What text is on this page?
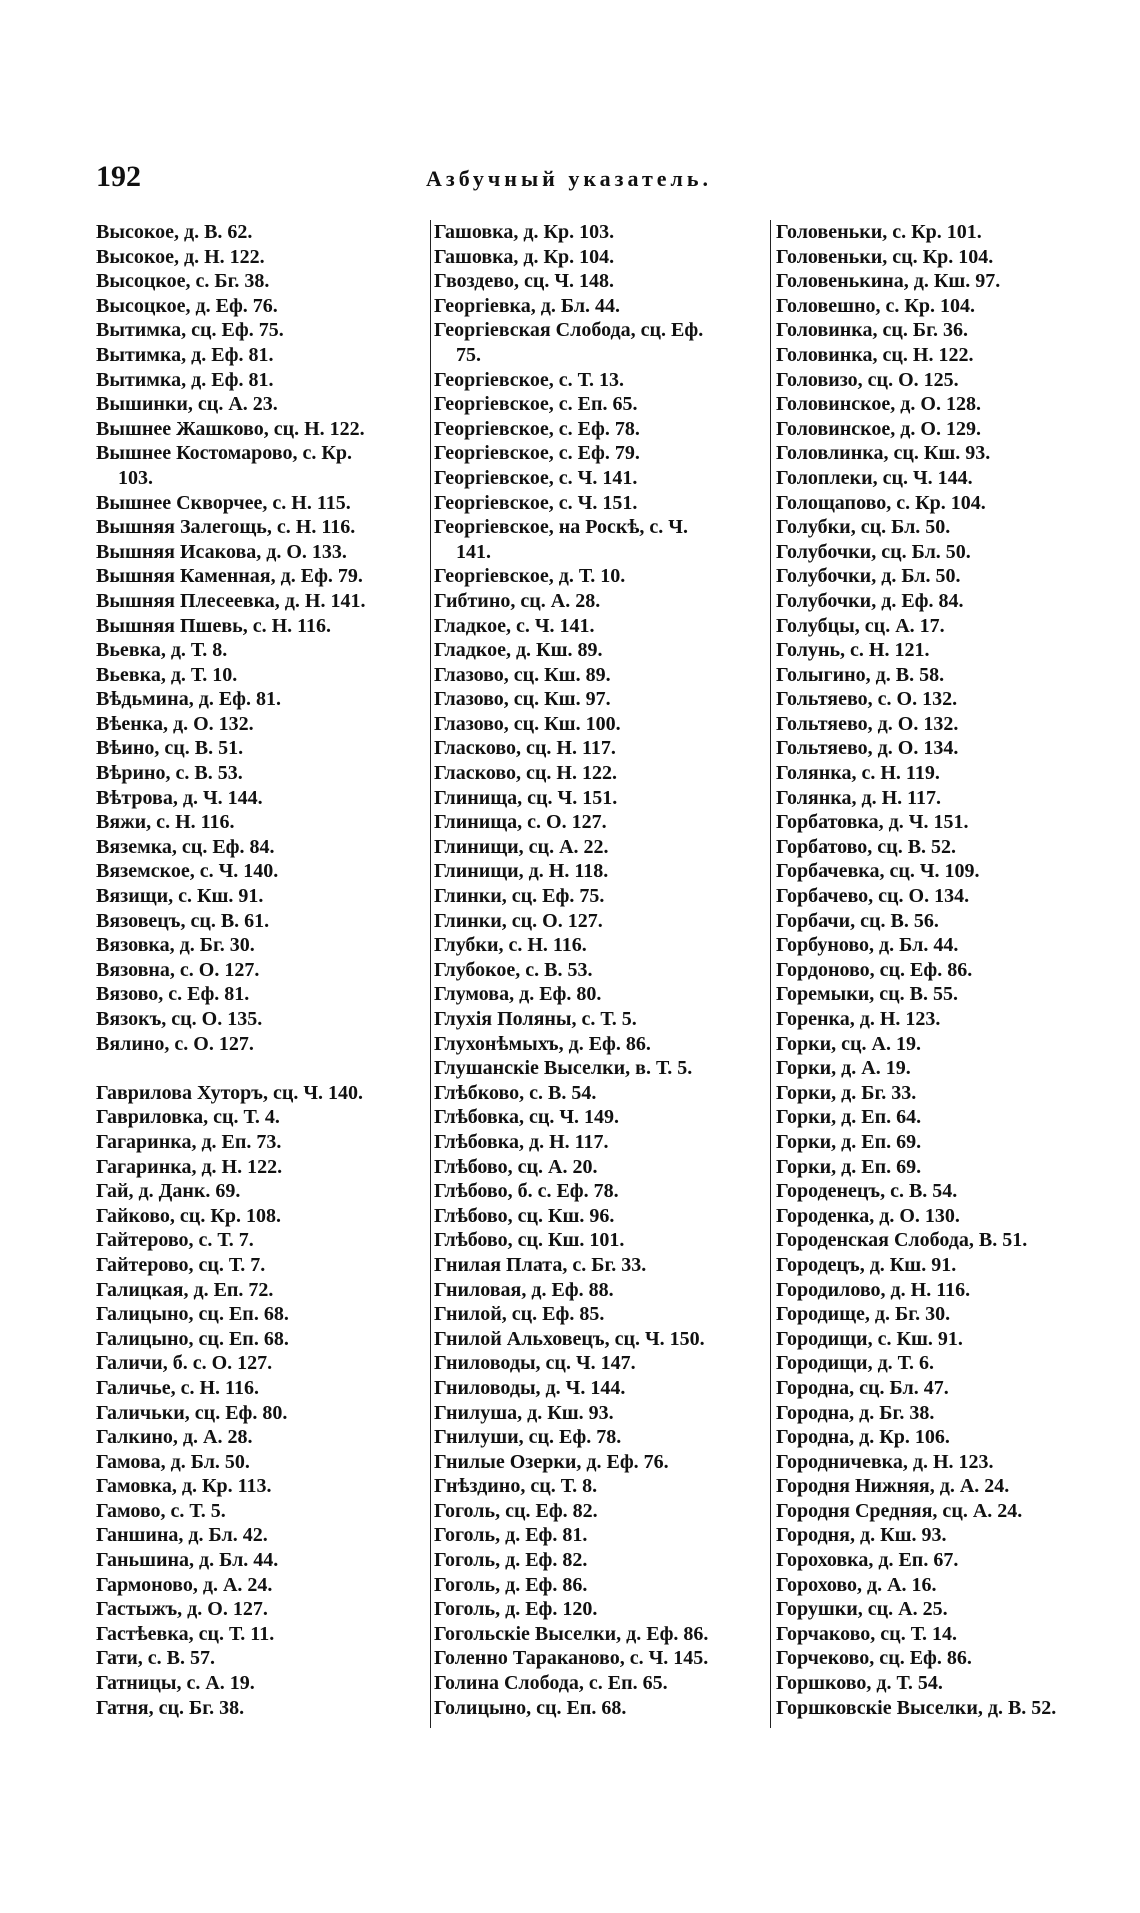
192	Азбучный указатель.
Высокое, д. В. 62.
Высокое, д. Н. 122.
Высоцкое, с. Бг. 38.
Высоцкое, д. Еф. 76.
Вытимка, сц. Еф. 75.
Вытимка, д. Еф. 81.
Вытимка, д. Еф. 81.
Вышинки, сц. А. 23.
Вышнее Жашково, сц. Н. 122.
Вышнее Костомарово, с. Кр.
103.
Вышнее Скворчее, с. Н. 115.
Вышняя Залегощь, с. Н. 116.
Вышняя Исакова, д. О. 133.
Вышняя Каменная, д. Еф. 79.
Вышняя Плесеевка, д. Н. 141.
Вышняя Пшевь, с. Н. 116.
Вьевка, д. Т. 8.
Вьевка, д. Т. 10.
Вѣдьмина, д. Еф. 81.
Вѣенка, д. О. 132.
Вѣино, сц. В. 51.
Вѣрино, с. В. 53.
Вѣтрова, д. Ч. 144.
Вяжи, с. Н. 116.
Вяземка, сц. Еф. 84.
Вяземское, с. Ч. 140.
Вязищи, с. Кш. 91.
Вязовецъ, сц. В. 61.
Вязовка, д. Бг. 30.
Вязовна, с. О. 127.
Вязово, с. Еф. 81.
Вязокъ, сц. О. 135.
Вялино, с. О. 127.
Гаврилова Хуторъ, сц. Ч. 140.
Гавриловка, сц. Т. 4.
Гагаринка, д. Еп. 73.
Гагаринка, д. Н. 122.
Гай, д. Данк. 69.
Гайково, сц. Кр. 108.
Гайтерово, с. Т. 7.
Гайтерово, сц. Т. 7.
Галицкая, д. Еп. 72.
Галицыно, сц. Еп. 68.
Галицыно, сц. Еп. 68.
Галичи, б. с. О. 127.
Галичье, с. Н. 116.
Галичьки, сц. Еф. 80.
Галкино, д. А. 28.
Гамова, д. Бл. 50.
Гамовка, д. Кр. 113.
Гамово, с. Т. 5.
Ганшина, д. Бл. 42.
Ганьшина, д. Бл. 44.
Гармоново, д. А. 24.
Гастыжъ, д. О. 127.
Гастѣевка, сц. Т. 11.
Гати, с. В. 57.
Гатницы, с. А. 19.
Гатня, сц. Бг. 38.
Гашовка, д. Кр. 103.
Гашовка, д. Кр. 104.
Гвоздево, сц. Ч. 148.
Георгіевка, д. Бл. 44.
Георгіевская Слобода, сц. Еф.
75.
Георгіевское, с. Т. 13.
Георгіевское, с. Еп. 65.
Георгіевское, с. Еф. 78.
Георгіевское, с. Еф. 79.
Георгіевское, с. Ч. 141.
Георгіевское, с. Ч. 151.
Георгіевское, на Роскѣ, с. Ч.
141.
Георгіевское, д. Т. 10.
Гибтино, сц. А. 28.
Гладкое, с. Ч. 141.
Гладкое, д. Кш. 89.
Глазово, сц. Кш. 89.
Глазово, сц. Кш. 97.
Глазово, сц. Кш. 100.
Гласково, сц. Н. 117.
Гласково, сц. Н. 122.
Глинища, сц. Ч. 151.
Глинища, с. О. 127.
Глинищи, сц. А. 22.
Глинищи, д. Н. 118.
Глинки, сц. Еф. 75.
Глинки, сц. О. 127.
Глубки, с. Н. 116.
Глубокое, с. В. 53.
Глумова, д. Еф. 80.
Глухія Поляны, с. Т. 5.
Глухонѣмыхъ, д. Еф. 86.
Глушанскіе Выселки, в. Т. 5.
Глѣбково, с. В. 54.
Глѣбовка, сц. Ч. 149.
Глѣбовка, д. Н. 117.
Глѣбово, сц. А. 20.
Глѣбово, б. с. Еф. 78.
Глѣбово, сц. Кш. 96.
Глѣбово, сц. Кш. 101.
Гнилая Плата, с. Бг. 33.
Гниловая, д. Еф. 88.
Гнилой, сц. Еф. 85.
Гнилой Альховецъ, сц. Ч. 150.
Гниловоды, сц. Ч. 147.
Гниловоды, д. Ч. 144.
Гнилуша, д. Кш. 93.
Гнилуши, сц. Еф. 78.
Гнилые Озерки, д. Еф. 76.
Гнѣздино, сц. Т. 8.
Гоголь, сц. Еф. 82.
Гоголь, д. Еф. 81.
Гоголь, д. Еф. 82.
Гоголь, д. Еф. 86.
Гоголь, д. Еф. 120.
Гогольскіе Выселки, д. Еф. 86.
Голенно Тараканово, с. Ч. 145.
Голина Слобода, с. Еп. 65.
Голицыно, сц. Еп. 68.
Головеньки, с. Кр. 101.
Головеньки, сц. Кр. 104.
Головенькина, д. Кш. 97.
Головешно, с. Кр. 104.
Головинка, сц. Бг. 36.
Головинка, сц. Н. 122.
Головизо, сц. О. 125.
Головинское, д. О. 128.
Головинское, д. О. 129.
Головлинка, сц. Кш. 93.
Голоплеки, сц. Ч. 144.
Голощапово, с. Кр. 104.
Голубки, сц. Бл. 50.
Голубочки, сц. Бл. 50.
Голубочки, д. Бл. 50.
Голубочки, д. Еф. 84.
Голубцы, сц. А. 17.
Голунь, с. Н. 121.
Голыгино, д. В. 58.
Гольтяево, с. О. 132.
Гольтяево, д. О. 132.
Гольтяево, д. О. 134.
Голянка, с. Н. 119.
Голянка, д. Н. 117.
Горбатовка, д. Ч. 151.
Горбатово, сц. В. 52.
Горбачевка, сц. Ч. 109.
Горбачево, сц. О. 134.
Горбачи, сц. В. 56.
Горбуново, д. Бл. 44.
Гордоново, сц. Еф. 86.
Горемыки, сц. В. 55.
Горенка, д. Н. 123.
Горки, сц. А. 19.
Горки, д. А. 19.
Горки, д. Бг. 33.
Горки, д. Еп. 64.
Горки, д. Еп. 69.
Горки, д. Еп. 69.
Городенецъ, с. В. 54.
Городенка, д. О. 130.
Городенская Слобода, В. 51.
Городецъ, д. Кш. 91.
Городилово, д. Н. 116.
Городище, д. Бг. 30.
Городищи, с. Кш. 91.
Городищи, д. Т. 6.
Городна, сц. Бл. 47.
Городна, д. Бг. 38.
Городна, д. Кр. 106.
Городничевка, д. Н. 123.
Городня Нижняя, д. А. 24.
Городня Средняя, сц. А. 24.
Городня, д. Кш. 93.
Гороховка, д. Еп. 67.
Горохово, д. А. 16.
Горушки, сц. А. 25.
Горчаково, сц. Т. 14.
Горчековo, сц. Еф. 86.
Горшково, д. Т. 54.
Горшковскіе Выселки, д. В. 52.
